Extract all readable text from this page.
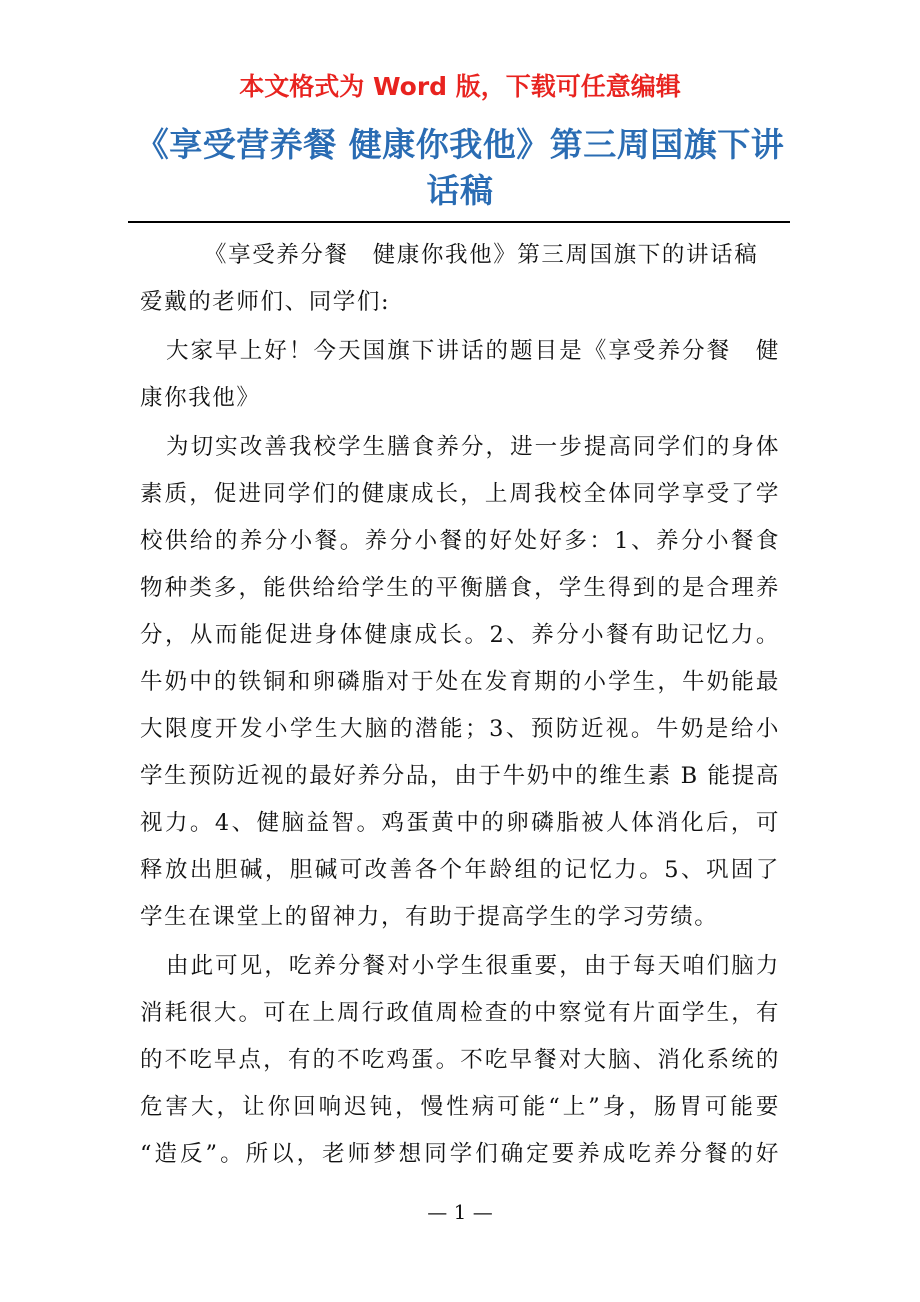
本文格式为 Word 版，下载可任意编辑
《享受营养餐 健康你我他》第三周国旗下讲
话稿
《享受养分餐　健康你我他》第三周国旗下的讲话稿
爱戴的老师们、同学们:
大家早上好！今天国旗下讲话的题目是《享受养分餐　健
康你我他》
为切实改善我校学生膳食养分，进一步提高同学们的身体
素质，促进同学们的健康成长，上周我校全体同学享受了学
校供给的养分小餐。养分小餐的好处好多：1、养分小餐食
物种类多，能供给给学生的平衡膳食，学生得到的是合理养
分，从而能促进身体健康成长。2、养分小餐有助记忆力。
牛奶中的铁铜和卵磷脂对于处在发育期的小学生，牛奶能最
大限度开发小学生大脑的潜能；3、预防近视。牛奶是给小
学生预防近视的最好养分品，由于牛奶中的维生素 B 能提高
视力。4、健脑益智。鸡蛋黄中的卵磷脂被人体消化后，可
释放出胆碱，胆碱可改善各个年龄组的记忆力。5、巩固了
学生在课堂上的留神力，有助于提高学生的学习劳绩。
由此可见，吃养分餐对小学生很重要，由于每天咱们脑力
消耗很大。可在上周行政值周检查的中察觉有片面学生，有
的不吃早点，有的不吃鸡蛋。不吃早餐对大脑、消化系统的
危害大，让你回响迟钝，慢性病可能“上”身，肠胃可能要
“造反”。所以，老师梦想同学们确定要养成吃养分餐的好
— 1 —
